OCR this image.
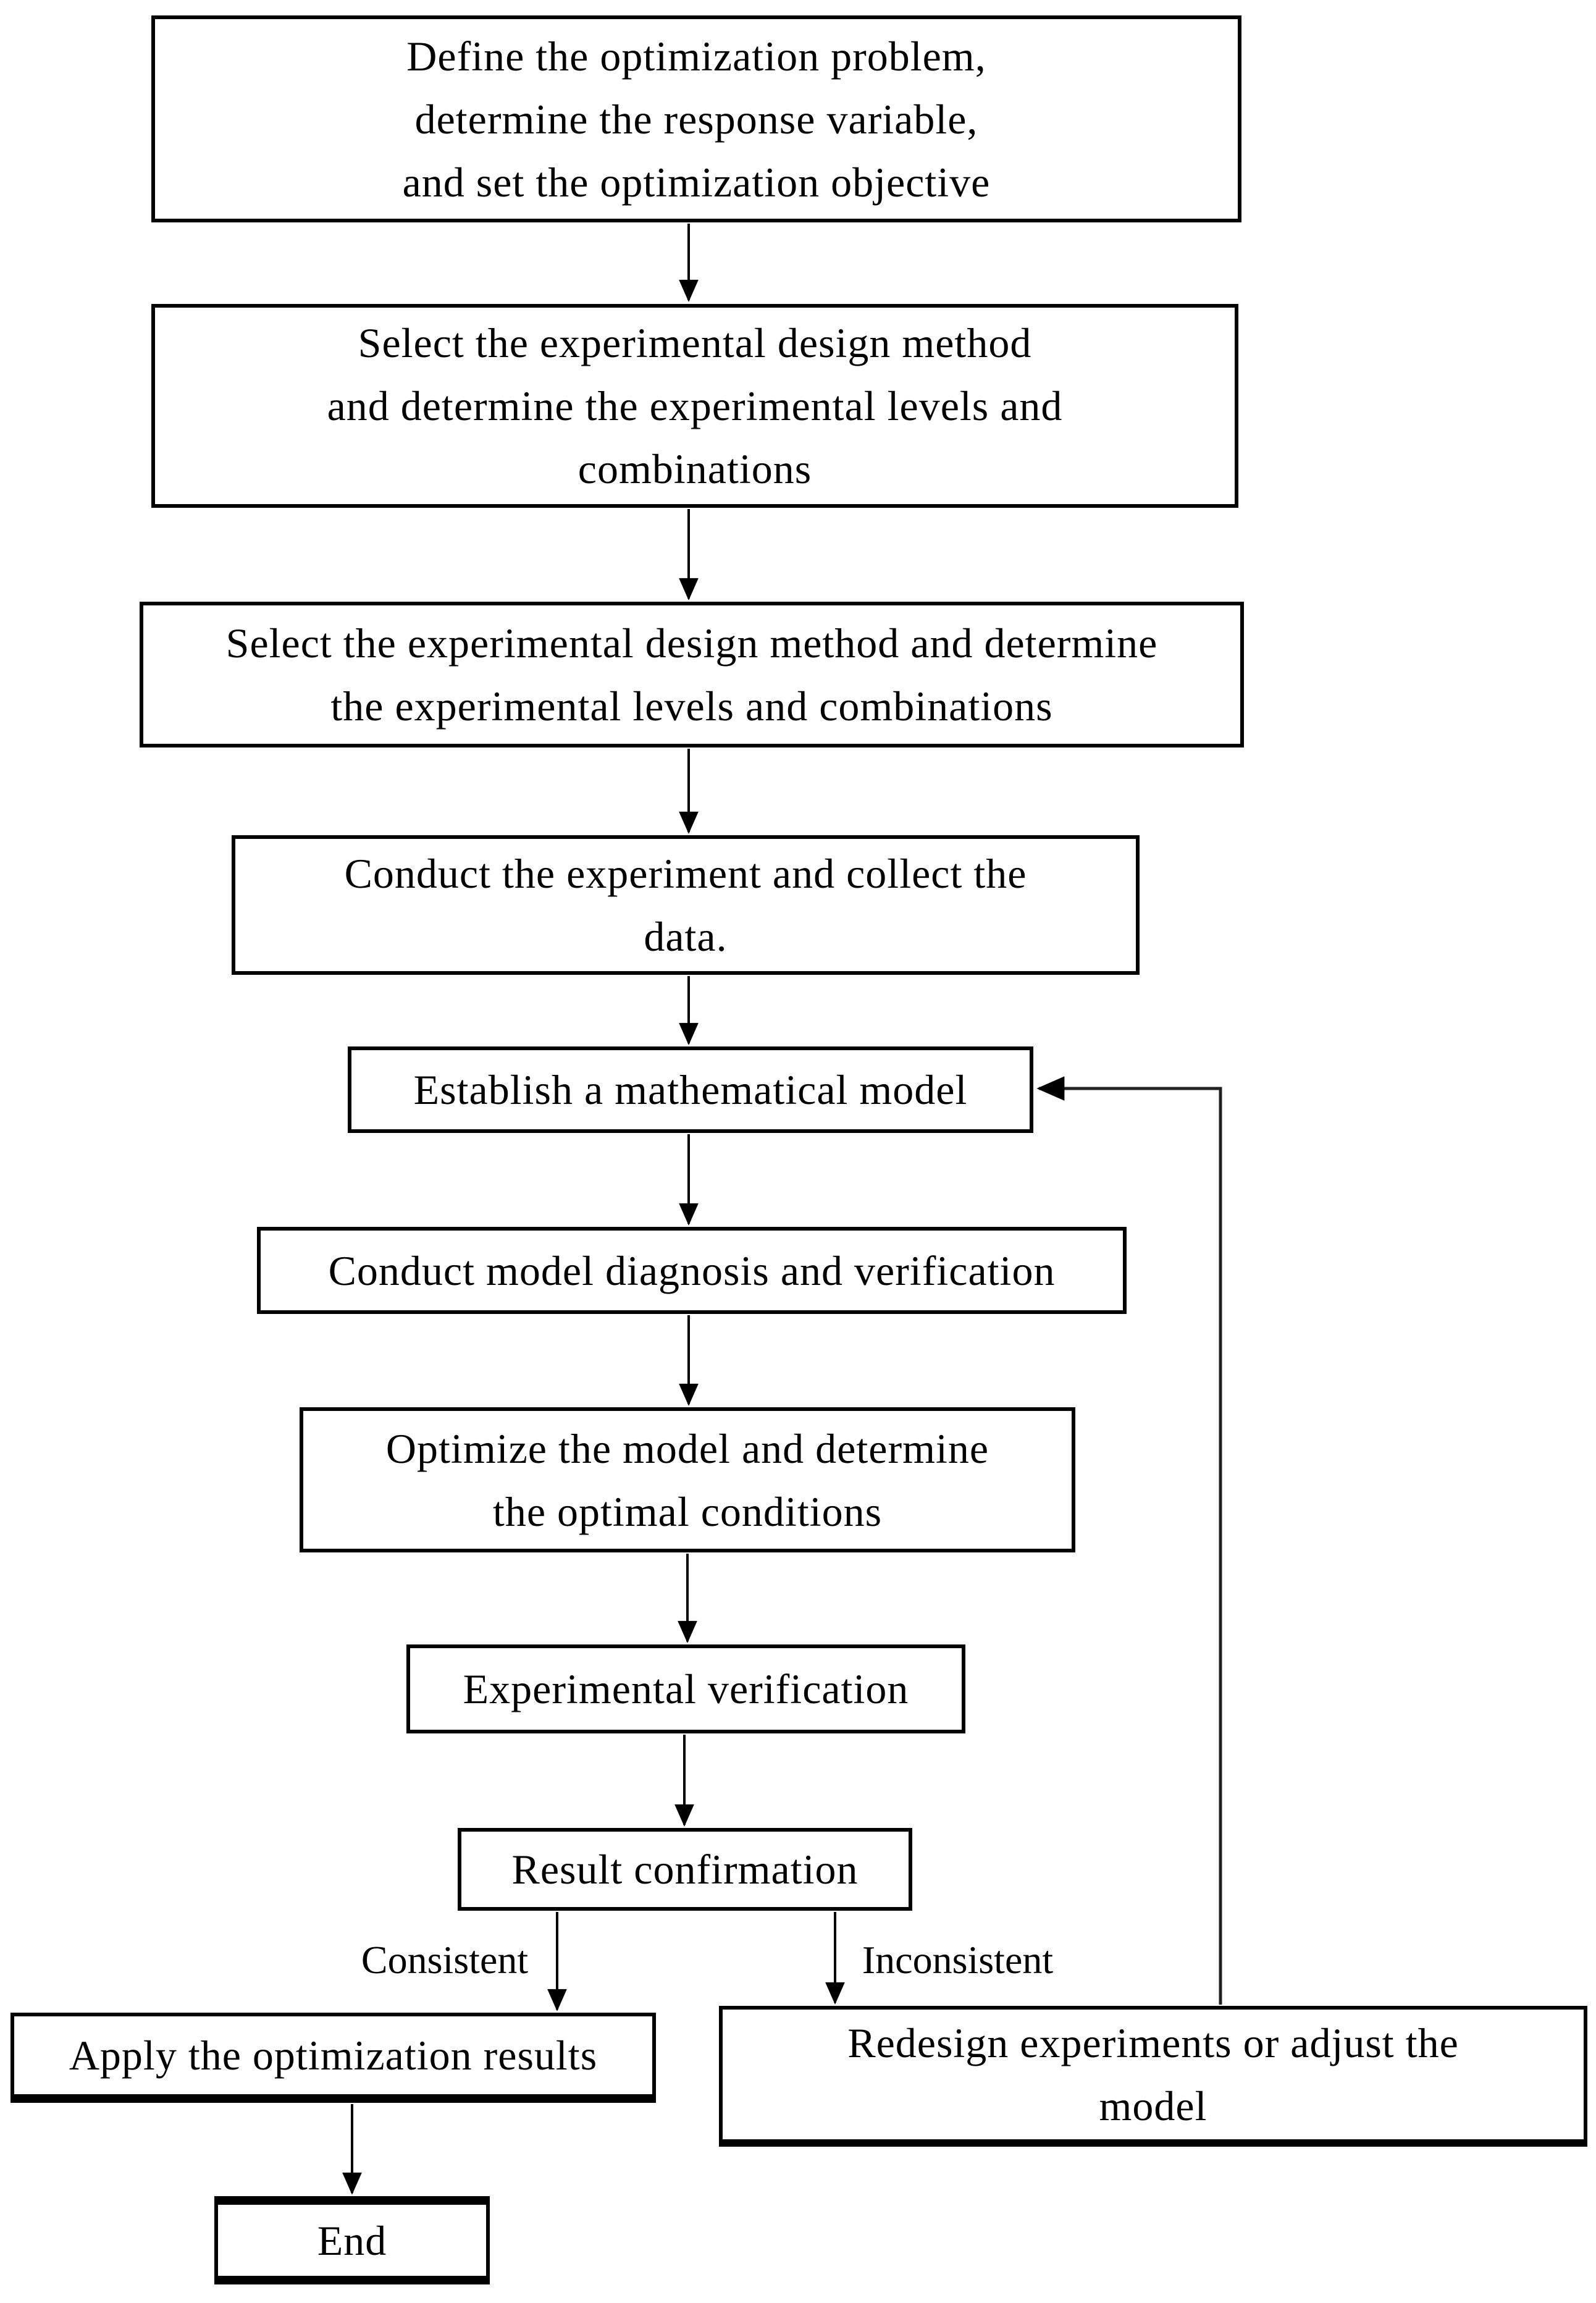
Define the optimization problem,
determine the response variable,
and set the optimization objective
Select the experimental design method
and determine the experimental levels and
combinations
Select the experimental design method and determine
the experimental levels and combinations
Conduct the experiment and collect the
data.
Establish a mathematical model
Conduct model diagnosis and verification
Optimize the model and determine
the optimal conditions
Experimental verification
Result confirmation
Apply the optimization results	Redesign experiments or adjust the
model
End
Consistent	Inconsistent
